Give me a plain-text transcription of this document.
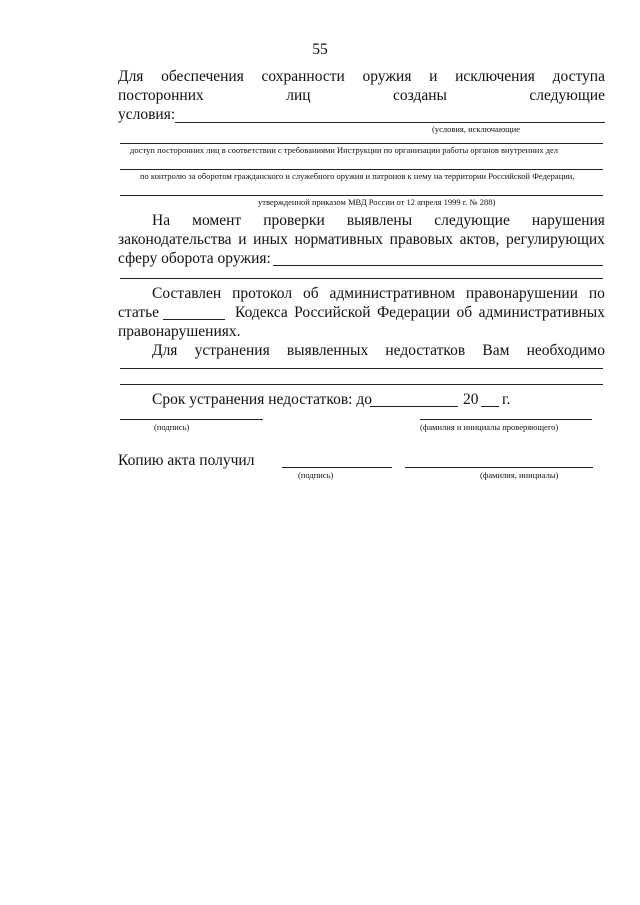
55
Для обеспечения сохранности оружия и исключения доступа
посторонних	лиц	созданы	следующие
условия:
(условия, исключающие
доступ посторонних лиц в соответствии с требованиями Инструкции по организации работы органов внутренних дел
по контролю за оборотом гражданского и служебного оружия и патронов к нему на территории Российской Федерации,
утвержденной приказом МВД России от 12 апреля 1999 г. № 288)
На момент проверки выявлены следующие нарушения
законодательства и иных нормативных правовых актов, регулирующих
сферу оборота оружия:
Составлен протокол об административном правонарушении по
статье	Кодекса Российской Федерации об административных
правонарушениях.
Для устранения выявленных недостатков Вам необходимо
Срок устранения недостатков: до	20 г.
(подпись)	(фамилия и инициалы проверяющего)
Копию акта получил
(подпись)	(фамилия, инициалы)
